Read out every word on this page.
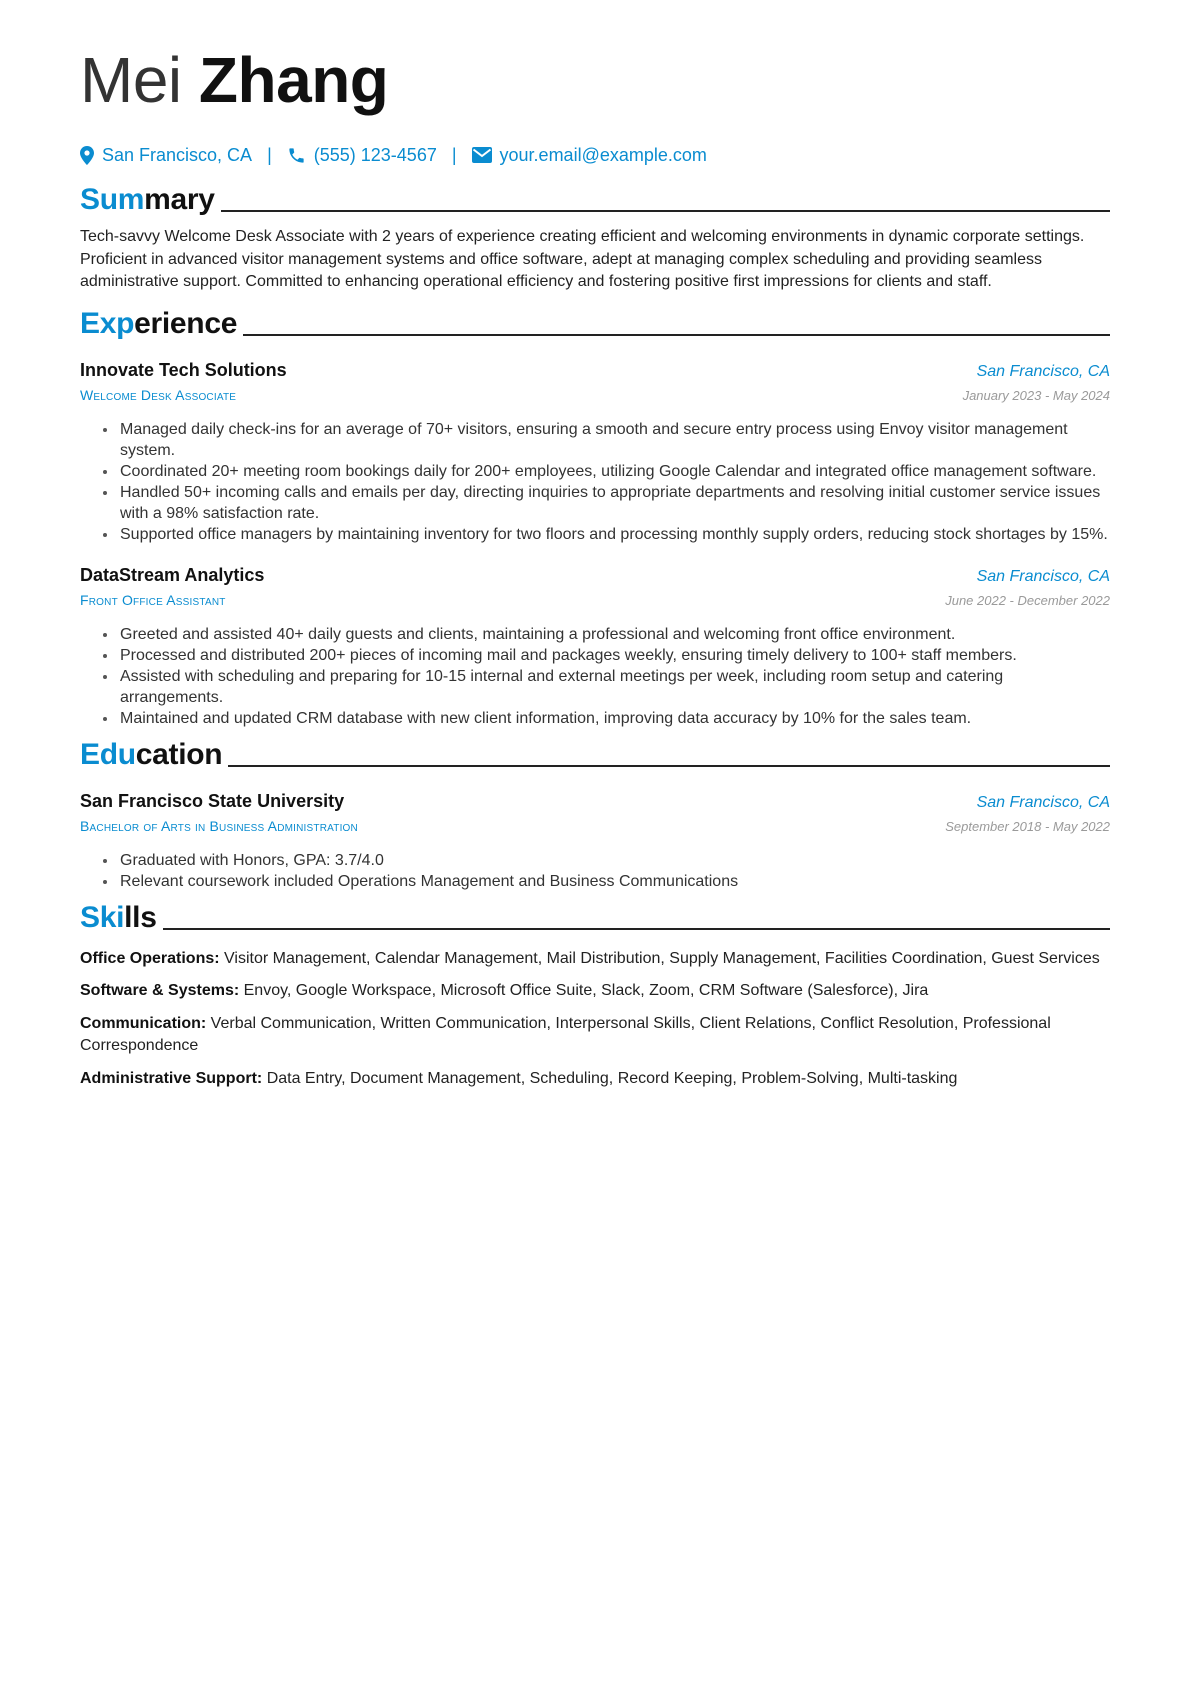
Mei Zhang
San Francisco, CA | (555) 123-4567 | your.email@example.com
Summary
Tech-savvy Welcome Desk Associate with 2 years of experience creating efficient and welcoming environments in dynamic corporate settings. Proficient in advanced visitor management systems and office software, adept at managing complex scheduling and providing seamless administrative support. Committed to enhancing operational efficiency and fostering positive first impressions for clients and staff.
Experience
Innovate Tech Solutions	San Francisco, CA
Welcome Desk Associate	January 2023 - May 2024
• Managed daily check-ins for an average of 70+ visitors, ensuring a smooth and secure entry process using Envoy visitor management system.
• Coordinated 20+ meeting room bookings daily for 200+ employees, utilizing Google Calendar and integrated office management software.
• Handled 50+ incoming calls and emails per day, directing inquiries to appropriate departments and resolving initial customer service issues with a 98% satisfaction rate.
• Supported office managers by maintaining inventory for two floors and processing monthly supply orders, reducing stock shortages by 15%.
DataStream Analytics	San Francisco, CA
Front Office Assistant	June 2022 - December 2022
• Greeted and assisted 40+ daily guests and clients, maintaining a professional and welcoming front office environment.
• Processed and distributed 200+ pieces of incoming mail and packages weekly, ensuring timely delivery to 100+ staff members.
• Assisted with scheduling and preparing for 10-15 internal and external meetings per week, including room setup and catering arrangements.
• Maintained and updated CRM database with new client information, improving data accuracy by 10% for the sales team.
Education
San Francisco State University	San Francisco, CA
Bachelor of Arts in Business Administration	September 2018 - May 2022
• Graduated with Honors, GPA: 3.7/4.0
• Relevant coursework included Operations Management and Business Communications
Skills
Office Operations: Visitor Management, Calendar Management, Mail Distribution, Supply Management, Facilities Coordination, Guest Services
Software & Systems: Envoy, Google Workspace, Microsoft Office Suite, Slack, Zoom, CRM Software (Salesforce), Jira
Communication: Verbal Communication, Written Communication, Interpersonal Skills, Client Relations, Conflict Resolution, Professional Correspondence
Administrative Support: Data Entry, Document Management, Scheduling, Record Keeping, Problem-Solving, Multi-tasking
